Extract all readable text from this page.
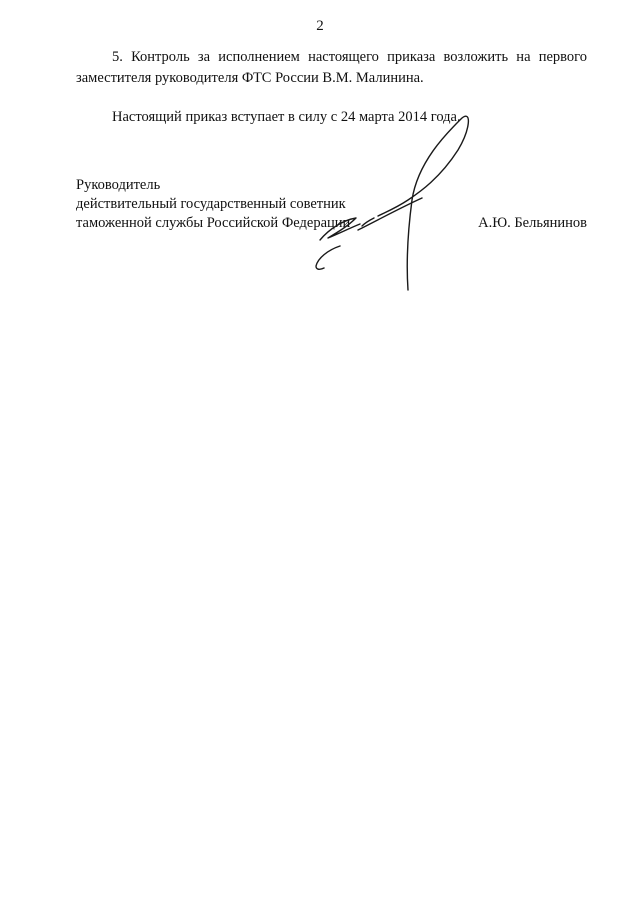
2

5. Контроль за исполнением настоящего приказа возложить на первого заместителя руководителя ФТС России В.М. Малинина.

Настоящий приказ вступает в силу с 24 марта 2014 года.

Руководитель
действительный государственный советник
таможенной службы Российской Федерации	А.Ю. Бельянинов
